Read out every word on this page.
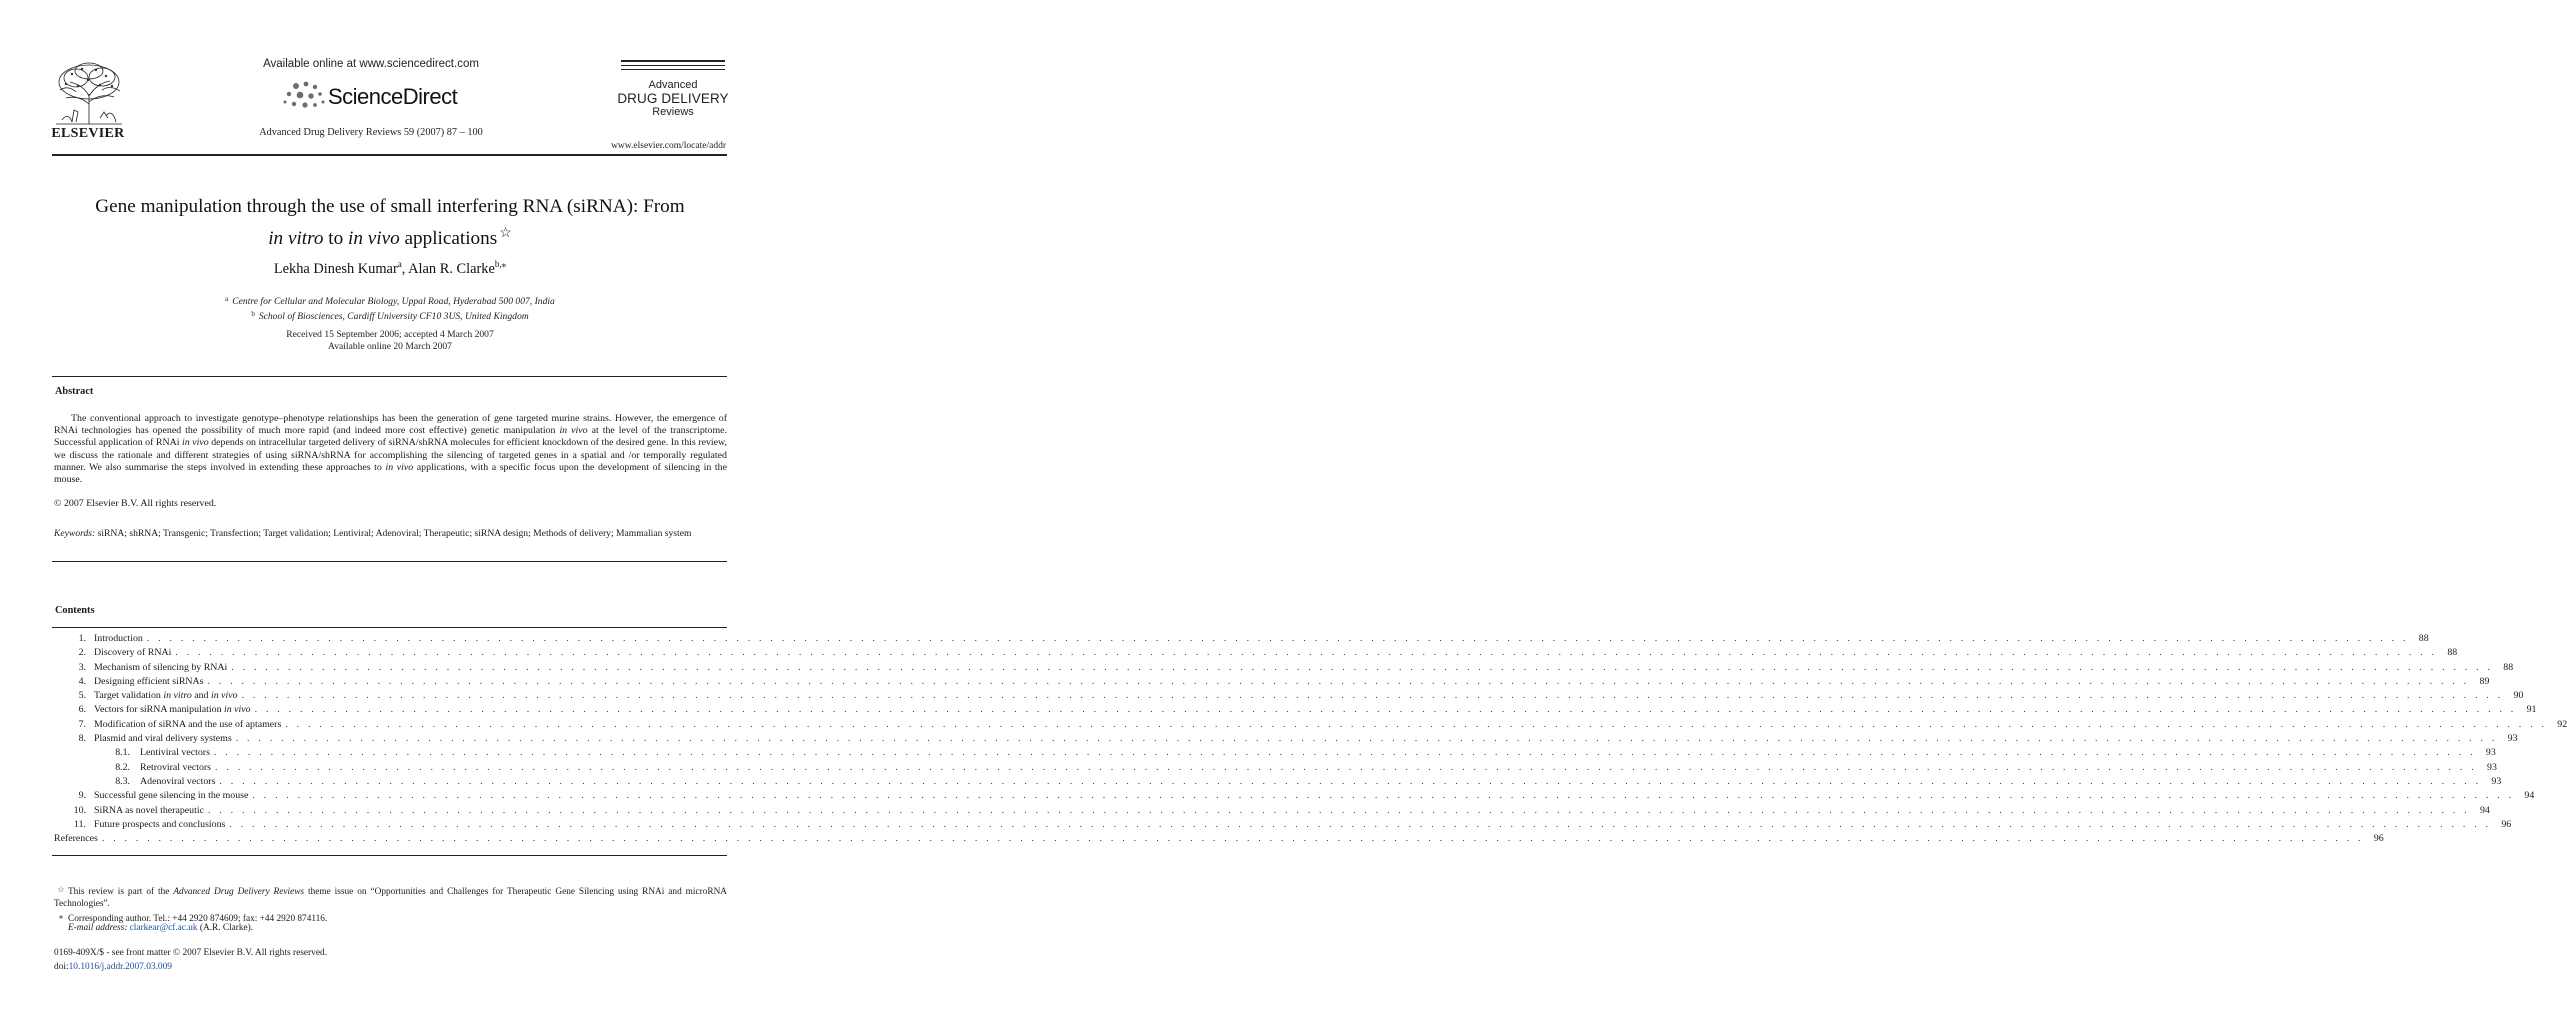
ELSEVIER
Available online at www.sciencedirect.com
ScienceDirect
Advanced Drug Delivery Reviews 59 (2007) 87 – 100
Advanced
DRUG DELIVERY
Reviews
www.elsevier.com/locate/addr
Gene manipulation through the use of small interfering RNA (siRNA): From
in vitro to in vivo applications ☆
Lekha Dinesh Kumar$^a$, Alan R. Clarke$^{b,⁎}$
$^a$ Centre for Cellular and Molecular Biology, Uppal Road, Hyderabad 500 007, India
$^b$ School of Biosciences, Cardiff University CF10 3US, United Kingdom
Received 15 September 2006; accepted 4 March 2007
Available online 20 March 2007
Abstract

The conventional approach to investigate genotype–phenotype relationships has been the generation of gene targeted murine strains. However, the emergence of RNAi technologies has opened the possibility of much more rapid (and indeed more cost effective) genetic manipulation in vivo at the level of the transcriptome. Successful application of RNAi in vivo depends on intracellular targeted delivery of siRNA/shRNA molecules for efficient knockdown of the desired gene. In this review, we discuss the rationale and different strategies of using siRNA/shRNA for accomplishing the silencing of targeted genes in a spatial and /or temporally regulated manner. We also summarise the steps involved in extending these approaches to in vivo applications, with a specific focus upon the development of silencing in the mouse.

© 2007 Elsevier B.V. All rights reserved.
Keywords: siRNA; shRNA; Transgenic; Transfection; Target validation; Lentiviral; Adenoviral; Therapeutic; siRNA design; Methods of delivery; Mammalian system
Contents
1. Introduction . . . . . . . . . . . . . . . . . . . . . . . . . . . . . . . . . . . . . . . . . . . . . . . . . . . . . . . . . . . . . . . . . . . . . . . . . . . . . . . . . . . . . . . . . . . . . . . . . . . . . . . . . . . . . . . . . . . . . . . . . . . . . . . . . . . . . . . . . . . . . . . . . . . . . . . . . . . . . . . . . . . . . . . . . . . . . . . . . . . . . . . . . . . . . . . . . . . . . . . .	88
2. Discovery of RNAi . . . . . . . . . . . . . . . . . . . . . . . . . . . . . . . . . . . . . . . . . . . . . . . . . . . . . . . . . . . . . . . . . . . . . . . . . . . . . . . . . . . . . . . . . . . . . . . . . . . . . . . . . . . . . . . . . . . . . . . . . . . . . . . . . . . . . . . . . . . . . . . . . . . . . . . . . . . . . . . . . . . . . . . . . . . . . . . . . . . . . . . . . . . . . . . . . . . . . . . .	88
3. Mechanism of silencing by RNAi . . . . . . . . . . . . . . . . . . . . . . . . . . . . . . . . . . . . . . . . . . . . . . . . . . . . . . . . . . . . . . . . . . . . . . . . . . . . . . . . . . . . . . . . . . . . . . . . . . . . . . . . . . . . . . . . . . . . . . . . . . . . . . . . . . . . . . . . . . . . . . . . . . . . . . . . . . . . . . . . . . . . . . . . . . . . . . . . . . . . . . . . . . . . . . . . . . . . . . . .	88
4. Designing efficient siRNAs . . . . . . . . . . . . . . . . . . . . . . . . . . . . . . . . . . . . . . . . . . . . . . . . . . . . . . . . . . . . . . . . . . . . . . . . . . . . . . . . . . . . . . . . . . . . . . . . . . . . . . . . . . . . . . . . . . . . . . . . . . . . . . . . . . . . . . . . . . . . . . . . . . . . . . . . . . . . . . . . . . . . . . . . . . . . . . . . . . . . . . . . . . . . . . . . . . . . . . . .	89
5. Target validation in vitro and in vivo . . . . . . . . . . . . . . . . . . . . . . . . . . . . . . . . . . . . . . . . . . . . . . . . . . . . . . . . . . . . . . . . . . . . . . . . . . . . . . . . . . . . . . . . . . . . . . . . . . . . . . . . . . . . . . . . . . . . . . . . . . . . . . . . . . . . . . . . . . . . . . . . . . . . . . . . . . . . . . . . . . . . . . . . . . . . . . . . . . . . . . . . . . . . . . . . . . . . . . . .	90
6. Vectors for siRNA manipulation in vivo . . . . . . . . . . . . . . . . . . . . . . . . . . . . . . . . . . . . . . . . . . . . . . . . . . . . . . . . . . . . . . . . . . . . . . . . . . . . . . . . . . . . . . . . . . . . . . . . . . . . . . . . . . . . . . . . . . . . . . . . . . . . . . . . . . . . . . . . . . . . . . . . . . . . . . . . . . . . . . . . . . . . . . . . . . . . . . . . . . . . . . . . . . . . . . . . . . . . . . . .	91
7. Modification of siRNA and the use of aptamers . . . . . . . . . . . . . . . . . . . . . . . . . . . . . . . . . . . . . . . . . . . . . . . . . . . . . . . . . . . . . . . . . . . . . . . . . . . . . . . . . . . . . . . . . . . . . . . . . . . . . . . . . . . . . . . . . . . . . . . . . . . . . . . . . . . . . . . . . . . . . . . . . . . . . . . . . . . . . . . . . . . . . . . . . . . . . . . . . . . . . . . . . . . . . . . . . . . . . . . .	92
8. Plasmid and viral delivery systems . . . . . . . . . . . . . . . . . . . . . . . . . . . . . . . . . . . . . . . . . . . . . . . . . . . . . . . . . . . . . . . . . . . . . . . . . . . . . . . . . . . . . . . . . . . . . . . . . . . . . . . . . . . . . . . . . . . . . . . . . . . . . . . . . . . . . . . . . . . . . . . . . . . . . . . . . . . . . . . . . . . . . . . . . . . . . . . . . . . . . . . . . . . . . . . . . . . . . . . .	93
8.1.	Lentiviral vectors . . . . . . . . . . . . . . . . . . . . . . . . . . . . . . . . . . . . . . . . . . . . . . . . . . . . . . . . . . . . . . . . . . . . . . . . . . . . . . . . . . . . . . . . . . . . . . . . . . . . . . . . . . . . . . . . . . . . . . . . . . . . . . . . . . . . . . . . . . . . . . . . . . . . . . . . . . . . . . . . . . . . . . . . . . . . . . . . . . . . . . . . . . . . . . . . . . . . . . . .	93
8.2.	Retroviral vectors . . . . . . . . . . . . . . . . . . . . . . . . . . . . . . . . . . . . . . . . . . . . . . . . . . . . . . . . . . . . . . . . . . . . . . . . . . . . . . . . . . . . . . . . . . . . . . . . . . . . . . . . . . . . . . . . . . . . . . . . . . . . . . . . . . . . . . . . . . . . . . . . . . . . . . . . . . . . . . . . . . . . . . . . . . . . . . . . . . . . . . . . . . . . . . . . . . . . . . . .	93
8.3.	Adenoviral vectors . . . . . . . . . . . . . . . . . . . . . . . . . . . . . . . . . . . . . . . . . . . . . . . . . . . . . . . . . . . . . . . . . . . . . . . . . . . . . . . . . . . . . . . . . . . . . . . . . . . . . . . . . . . . . . . . . . . . . . . . . . . . . . . . . . . . . . . . . . . . . . . . . . . . . . . . . . . . . . . . . . . . . . . . . . . . . . . . . . . . . . . . . . . . . . . . . . . . . . . .	93
9. Successful gene silencing in the mouse . . . . . . . . . . . . . . . . . . . . . . . . . . . . . . . . . . . . . . . . . . . . . . . . . . . . . . . . . . . . . . . . . . . . . . . . . . . . . . . . . . . . . . . . . . . . . . . . . . . . . . . . . . . . . . . . . . . . . . . . . . . . . . . . . . . . . . . . . . . . . . . . . . . . . . . . . . . . . . . . . . . . . . . . . . . . . . . . . . . . . . . . . . . . . . . . . . . . . . . .	94
10. SiRNA as novel therapeutic . . . . . . . . . . . . . . . . . . . . . . . . . . . . . . . . . . . . . . . . . . . . . . . . . . . . . . . . . . . . . . . . . . . . . . . . . . . . . . . . . . . . . . . . . . . . . . . . . . . . . . . . . . . . . . . . . . . . . . . . . . . . . . . . . . . . . . . . . . . . . . . . . . . . . . . . . . . . . . . . . . . . . . . . . . . . . . . . . . . . . . . . . . . . . . . . . . . . . . . .	94
11. Future prospects and conclusions . . . . . . . . . . . . . . . . . . . . . . . . . . . . . . . . . . . . . . . . . . . . . . . . . . . . . . . . . . . . . . . . . . . . . . . . . . . . . . . . . . . . . . . . . . . . . . . . . . . . . . . . . . . . . . . . . . . . . . . . . . . . . . . . . . . . . . . . . . . . . . . . . . . . . . . . . . . . . . . . . . . . . . . . . . . . . . . . . . . . . . . . . . . . . . . . . . . . . . . .	96
References . . . . . . . . . . . . . . . . . . . . . . . . . . . . . . . . . . . . . . . . . . . . . . . . . . . . . . . . . . . . . . . . . . . . . . . . . . . . . . . . . . . . . . . . . . . . . . . . . . . . . . . . . . . . . . . . . . . . . . . . . . . . . . . . . . . . . . . . . . . . . . . . . . . . . . . . . . . . . . . . . . . . . . . . . . . . . . . . . . . . . . . . . . . . . . . . . . . . . . . .	96
☆ This review is part of the Advanced Drug Delivery Reviews theme issue on “Opportunities and Challenges for Therapeutic Gene Silencing using RNAi and microRNA Technologies”.
⁎ Corresponding author. Tel.: +44 2920 874609; fax: +44 2920 874116.
E-mail address: clarkear@cf.ac.uk (A.R. Clarke).
0169-409X/$ - see front matter © 2007 Elsevier B.V. All rights reserved.
doi:10.1016/j.addr.2007.03.009
